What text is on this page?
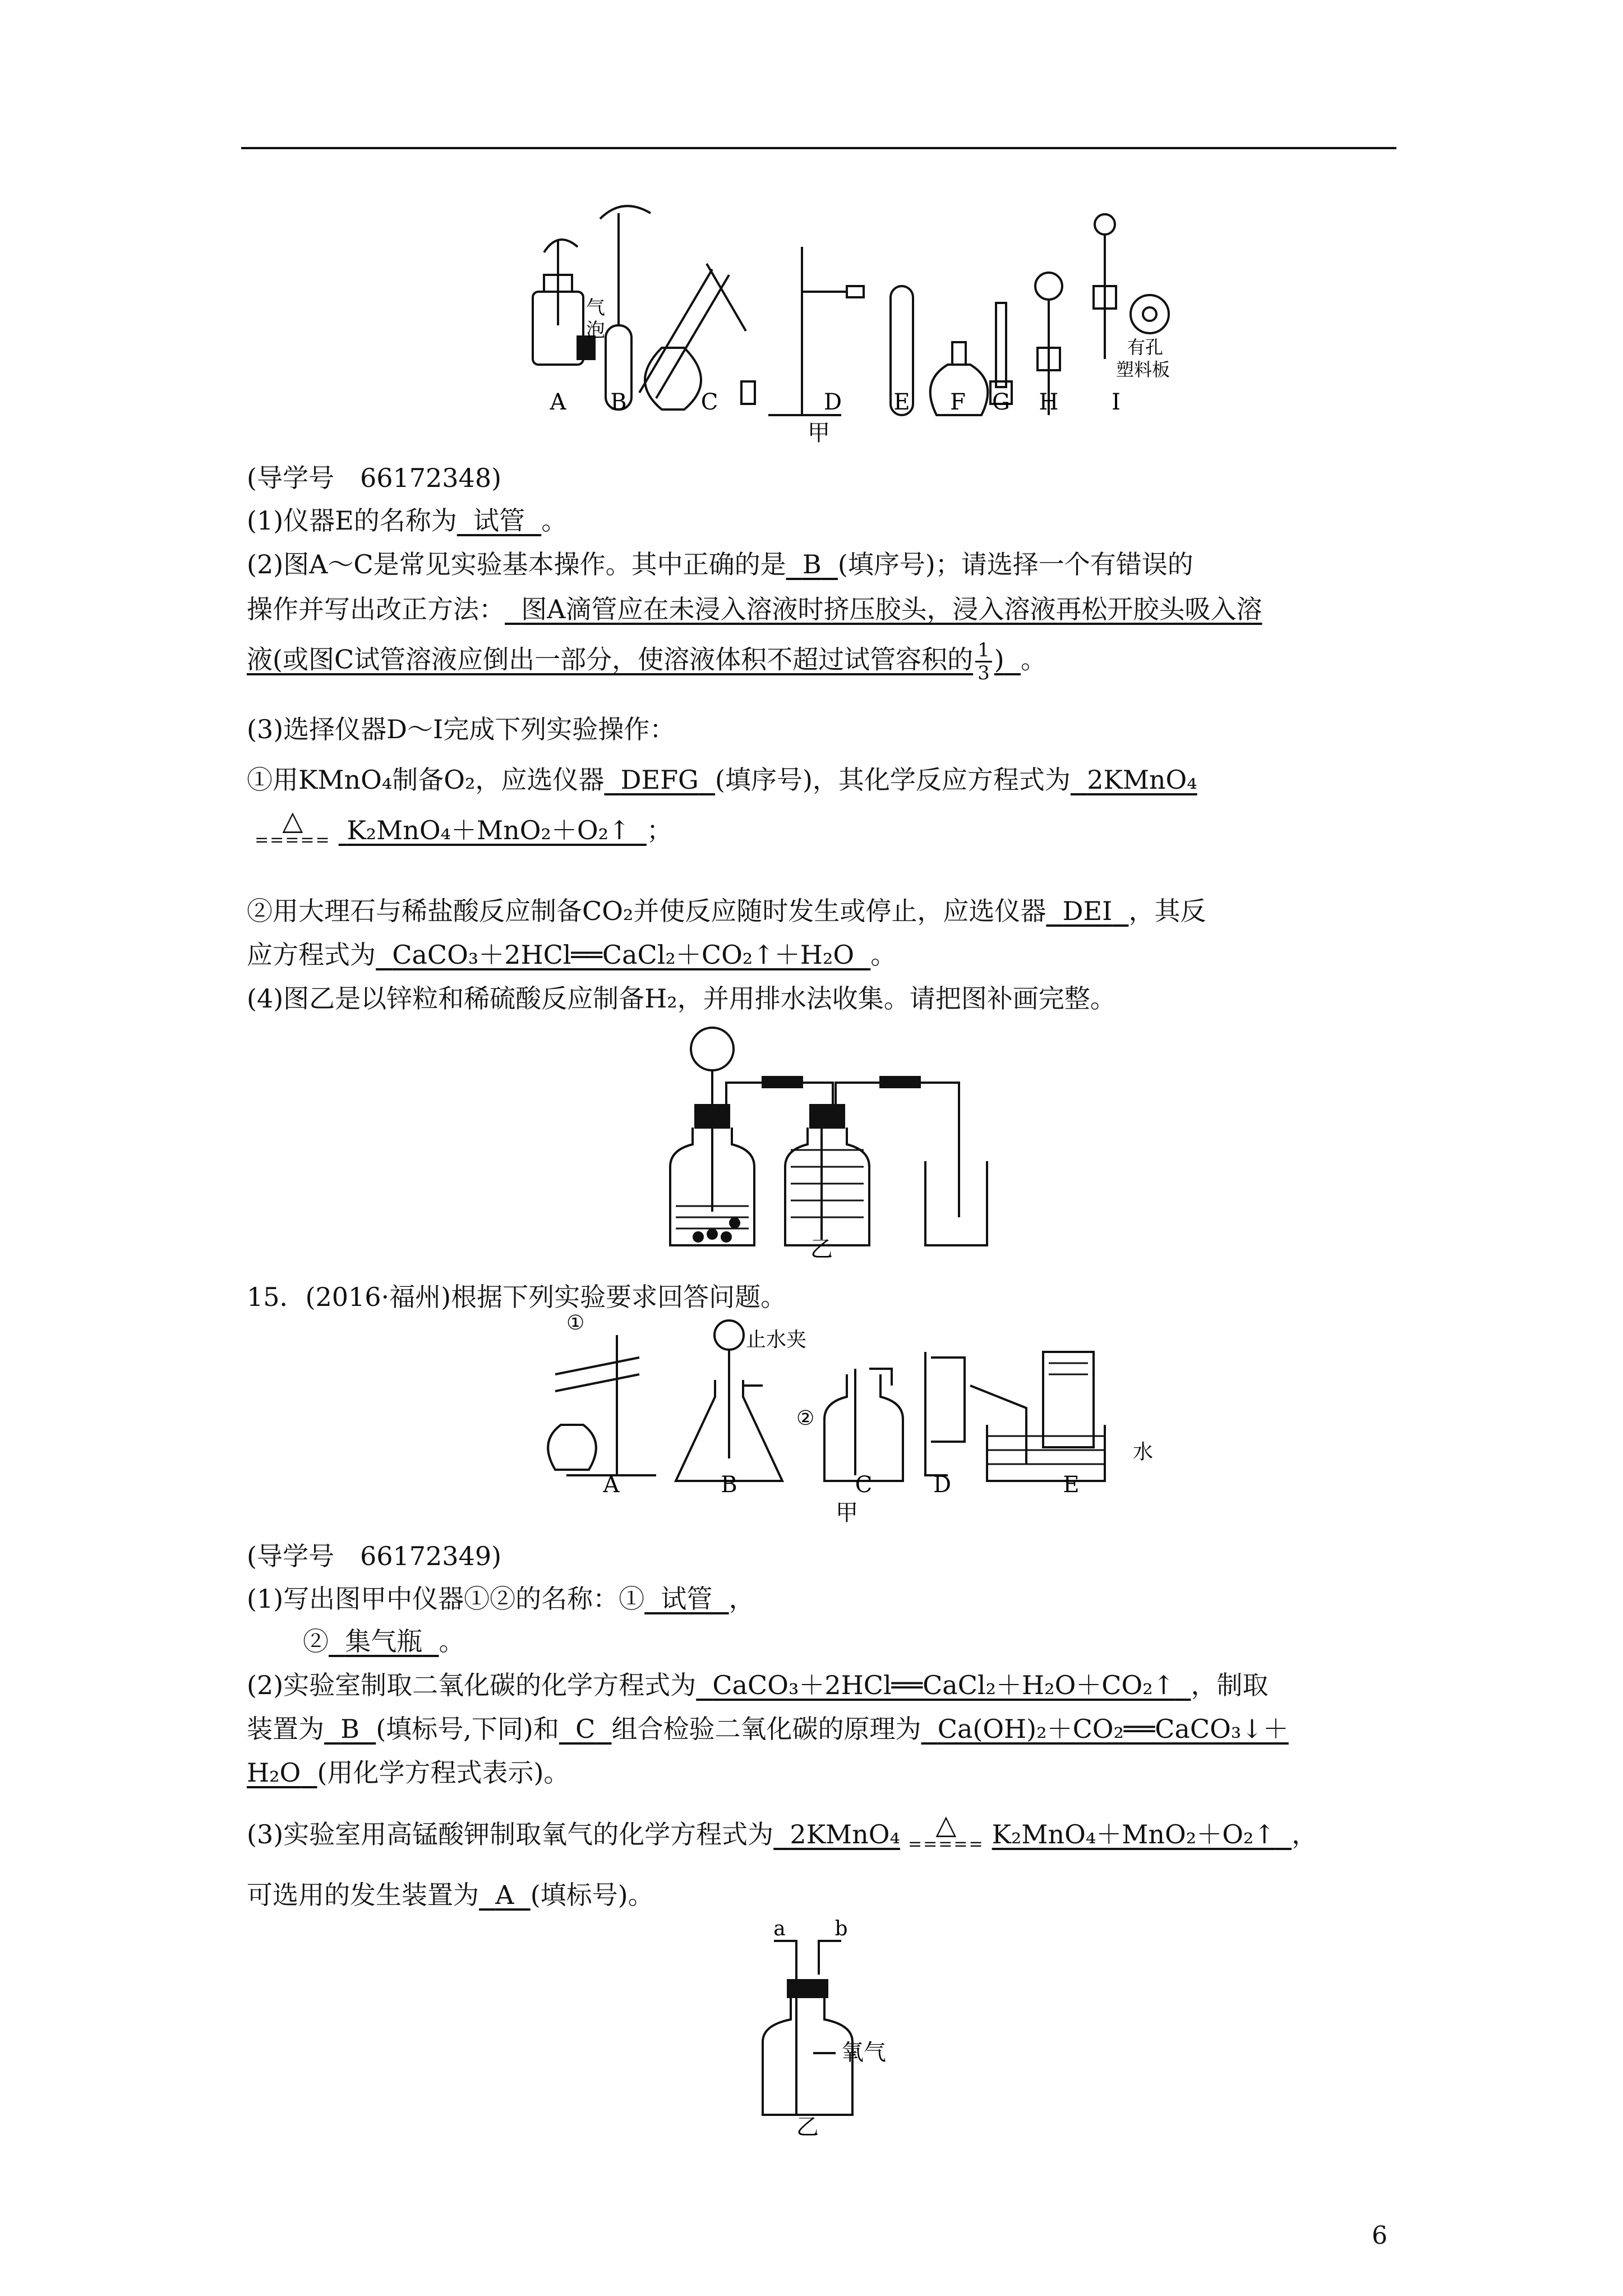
气
泡
有孔
塑料板
A B	C	D E F G H I
甲
(导学号　66172348)
(1)仪器E的名称为 试管 。
(2)图A～C是常见实验基本操作。其中正确的是 B (填序号)；请选择一个有错误的
操作并写出改正方法： 图A滴管应在未浸入溶液时挤压胶头，浸入溶液再松开胶头吸入溶
液(或图C试管溶液应倒出一部分，使溶液体积不超过试管容积的 $\frac{1}{3}$ ) 。
(3)选择仪器D～I完成下列实验操作：
①用KMnO₄制备O₂，应选仪器 DEFG (填序号)，其化学反应方程式为 2KMnO₄
△
===== K₂MnO₄＋MnO₂＋O₂↑ ；
②用大理石与稀盐酸反应制备CO₂并使反应随时发生或停止，应选仪器 DEI ，其反
应方程式为 CaCO₃＋2HCl══CaCl₂＋CO₂↑＋H₂O 。
(4)图乙是以锌粒和稀硫酸反应制备H₂，并用排水法收集。请把图补画完整。
乙
15．(2016·福州)根据下列实验要求回答问题。
①
②
止水夹
水
A	B	C	D	E
甲
(导学号　66172349)
(1)写出图甲中仪器①②的名称：① 试管 ，
② 集气瓶 。
(2)实验室制取二氧化碳的化学方程式为 CaCO₃＋2HCl══CaCl₂＋H₂O＋CO₂↑ ，制取
装置为 B (填标号,下同)和 C 组合检验二氧化碳的原理为 Ca(OH)₂＋CO₂══CaCO₃↓＋
H₂O (用化学方程式表示)。
(3)实验室用高锰酸钾制取氧气的化学方程式为 2KMnO₄ △
===== K₂MnO₄＋MnO₂＋O₂↑ ，
可选用的发生装置为 A (填标号)。
a b
氧气
乙
6
